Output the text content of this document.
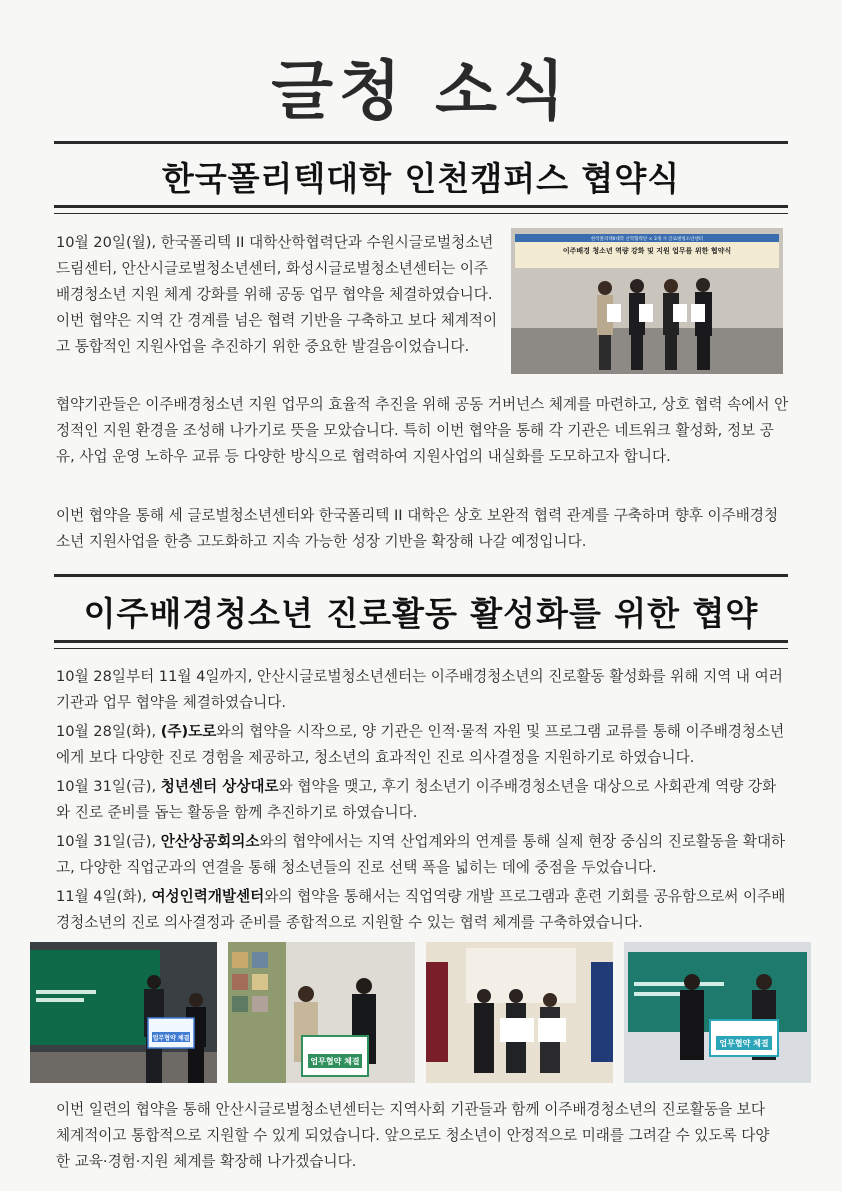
글청 소식
한국폴리텍대학 인천캠퍼스 협약식

10월 20일(월), 한국폴리텍 II 대학산학협력단과 수원시글로벌청소년드림센터, 안산시글로벌청소년센터, 화성시글로벌청소년센터는 이주배경청소년 지원 체계 강화를 위해 공동 업무 협약을 체결하였습니다. 이번 협약은 지역 간 경계를 넘은 협력 기반을 구축하고 보다 체계적이고 통합적인 지원사업을 추진하기 위한 중요한 발걸음이었습니다.

이주배경 청소년 역량 강화 및 지원 업무를 위한 협약식
한국폴리텍II대학 산학협력단 × 3개 시 글로벌청소년센터

협약기관들은 이주배경청소년 지원 업무의 효율적 추진을 위해 공동 거버넌스 체계를 마련하고, 상호 협력 속에서 안정적인 지원 환경을 조성해 나가기로 뜻을 모았습니다. 특히 이번 협약을 통해 각 기관은 네트워크 활성화, 정보 공유, 사업 운영 노하우 교류 등 다양한 방식으로 협력하여 지원사업의 내실화를 도모하고자 합니다.

이번 협약을 통해 세 글로벌청소년센터와 한국폴리텍 II 대학은 상호 보완적 협력 관계를 구축하며 향후 이주배경청소년 지원사업을 한층 고도화하고 지속 가능한 성장 기반을 확장해 나갈 예정입니다.

이주배경청소년 진로활동 활성화를 위한 협약

10월 28일부터 11월 4일까지, 안산시글로벌청소년센터는 이주배경청소년의 진로활동 활성화를 위해 지역 내 여러 기관과 업무 협약을 체결하였습니다.

10월 28일(화), (주)도로와의 협약을 시작으로, 양 기관은 인적·물적 자원 및 프로그램 교류를 통해 이주배경청소년에게 보다 다양한 진로 경험을 제공하고, 청소년의 효과적인 진로 의사결정을 지원하기로 하였습니다.

10월 31일(금), 청년센터 상상대로와 협약을 맺고, 후기 청소년기 이주배경청소년을 대상으로 사회관계 역량 강화와 진로 준비를 돕는 활동을 함께 추진하기로 하였습니다.

10월 31일(금), 안산상공회의소와의 협약에서는 지역 산업계와의 연계를 통해 실제 현장 중심의 진로활동을 확대하고, 다양한 직업군과의 연결을 통해 청소년들의 진로 선택 폭을 넓히는 데에 중점을 두었습니다.

11월 4일(화), 여성인력개발센터와의 협약을 통해서는 직업역량 개발 프로그램과 훈련 기회를 공유함으로써 이주배경청소년의 진로 의사결정과 준비를 종합적으로 지원할 수 있는 협력 체계를 구축하였습니다.

업무협약 체결
업무협약 체결
업무협약 체결

이번 일련의 협약을 통해 안산시글로벌청소년센터는 지역사회 기관들과 함께 이주배경청소년의 진로활동을 보다 체계적이고 통합적으로 지원할 수 있게 되었습니다. 앞으로도 청소년이 안정적으로 미래를 그려갈 수 있도록 다양한 교육·경험·지원 체계를 확장해 나가겠습니다.
